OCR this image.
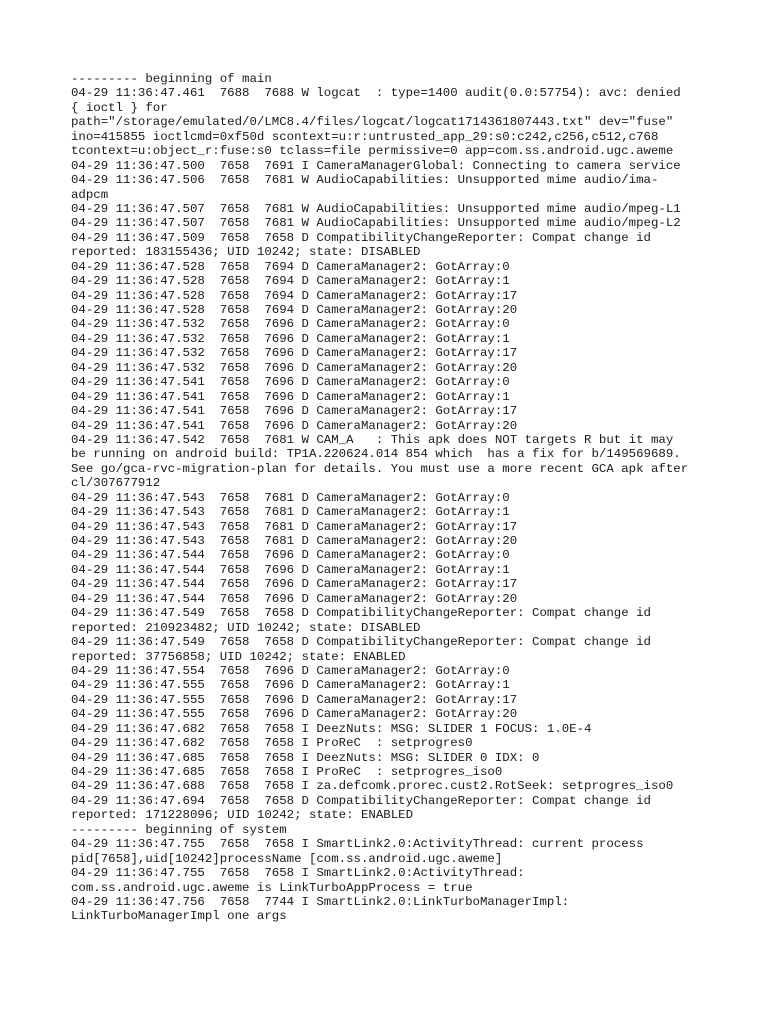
--------- beginning of main
04-29 11:36:47.461  7688  7688 W logcat  : type=1400 audit(0.0:57754): avc: denied
{ ioctl } for
path="/storage/emulated/0/LMC8.4/files/logcat/logcat1714361807443.txt" dev="fuse"
ino=415855 ioctlcmd=0xf50d scontext=u:r:untrusted_app_29:s0:c242,c256,c512,c768
tcontext=u:object_r:fuse:s0 tclass=file permissive=0 app=com.ss.android.ugc.aweme
04-29 11:36:47.500  7658  7691 I CameraManagerGlobal: Connecting to camera service
04-29 11:36:47.506  7658  7681 W AudioCapabilities: Unsupported mime audio/ima-
adpcm
04-29 11:36:47.507  7658  7681 W AudioCapabilities: Unsupported mime audio/mpeg-L1
04-29 11:36:47.507  7658  7681 W AudioCapabilities: Unsupported mime audio/mpeg-L2
04-29 11:36:47.509  7658  7658 D CompatibilityChangeReporter: Compat change id
reported: 183155436; UID 10242; state: DISABLED
04-29 11:36:47.528  7658  7694 D CameraManager2: GotArray:0
04-29 11:36:47.528  7658  7694 D CameraManager2: GotArray:1
04-29 11:36:47.528  7658  7694 D CameraManager2: GotArray:17
04-29 11:36:47.528  7658  7694 D CameraManager2: GotArray:20
04-29 11:36:47.532  7658  7696 D CameraManager2: GotArray:0
04-29 11:36:47.532  7658  7696 D CameraManager2: GotArray:1
04-29 11:36:47.532  7658  7696 D CameraManager2: GotArray:17
04-29 11:36:47.532  7658  7696 D CameraManager2: GotArray:20
04-29 11:36:47.541  7658  7696 D CameraManager2: GotArray:0
04-29 11:36:47.541  7658  7696 D CameraManager2: GotArray:1
04-29 11:36:47.541  7658  7696 D CameraManager2: GotArray:17
04-29 11:36:47.541  7658  7696 D CameraManager2: GotArray:20
04-29 11:36:47.542  7658  7681 W CAM_A   : This apk does NOT targets R but it may
be running on android build: TP1A.220624.014 854 which  has a fix for b/149569689.
See go/gca-rvc-migration-plan for details. You must use a more recent GCA apk after
cl/307677912
04-29 11:36:47.543  7658  7681 D CameraManager2: GotArray:0
04-29 11:36:47.543  7658  7681 D CameraManager2: GotArray:1
04-29 11:36:47.543  7658  7681 D CameraManager2: GotArray:17
04-29 11:36:47.543  7658  7681 D CameraManager2: GotArray:20
04-29 11:36:47.544  7658  7696 D CameraManager2: GotArray:0
04-29 11:36:47.544  7658  7696 D CameraManager2: GotArray:1
04-29 11:36:47.544  7658  7696 D CameraManager2: GotArray:17
04-29 11:36:47.544  7658  7696 D CameraManager2: GotArray:20
04-29 11:36:47.549  7658  7658 D CompatibilityChangeReporter: Compat change id
reported: 210923482; UID 10242; state: DISABLED
04-29 11:36:47.549  7658  7658 D CompatibilityChangeReporter: Compat change id
reported: 37756858; UID 10242; state: ENABLED
04-29 11:36:47.554  7658  7696 D CameraManager2: GotArray:0
04-29 11:36:47.555  7658  7696 D CameraManager2: GotArray:1
04-29 11:36:47.555  7658  7696 D CameraManager2: GotArray:17
04-29 11:36:47.555  7658  7696 D CameraManager2: GotArray:20
04-29 11:36:47.682  7658  7658 I DeezNuts: MSG: SLIDER 1 FOCUS: 1.0E-4
04-29 11:36:47.682  7658  7658 I ProReC  : setprogres0
04-29 11:36:47.685  7658  7658 I DeezNuts: MSG: SLIDER 0 IDX: 0
04-29 11:36:47.685  7658  7658 I ProReC  : setprogres_iso0
04-29 11:36:47.688  7658  7658 I za.defcomk.prorec.cust2.RotSeek: setprogres_iso0
04-29 11:36:47.694  7658  7658 D CompatibilityChangeReporter: Compat change id
reported: 171228096; UID 10242; state: ENABLED
--------- beginning of system
04-29 11:36:47.755  7658  7658 I SmartLink2.0:ActivityThread: current process
pid[7658],uid[10242]processName [com.ss.android.ugc.aweme]
04-29 11:36:47.755  7658  7658 I SmartLink2.0:ActivityThread:
com.ss.android.ugc.aweme is LinkTurboAppProcess = true
04-29 11:36:47.756  7658  7744 I SmartLink2.0:LinkTurboManagerImpl:
LinkTurboManagerImpl one args
